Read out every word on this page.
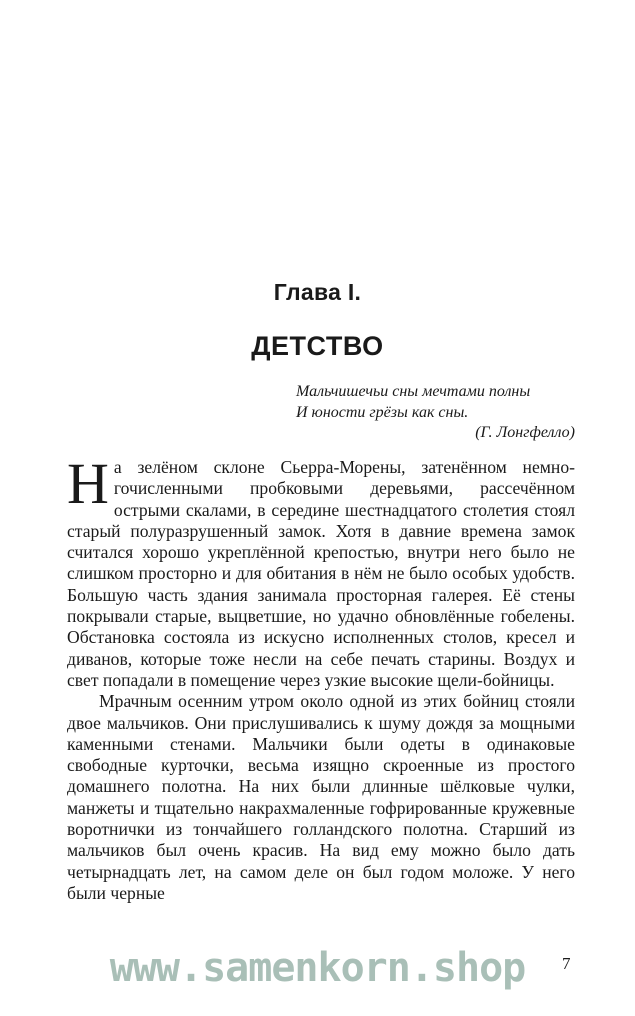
Глава I.
ДЕТСТВО
Мальчишечьи сны мечтами полны
И юности грёзы как сны.
(Г. Лонгфелло)

На зелёном склоне Сьерра-Морены, затенённом немногочисленными пробковыми деревьями, рассечённом острыми скалами, в середине шестнадцатого столетия стоял старый полуразрушенный замок. Хотя в давние времена замок считался хорошо укреплённой крепостью, внутри него было не слишком просторно и для обитания в нём не было особых удобств. Большую часть здания занимала просторная галерея. Её стены покрывали старые, выцветшие, но удачно обновлённые гобелены. Обстановка состояла из искусно исполненных столов, кресел и диванов, которые тоже несли на себе печать старины. Воздух и свет попадали в помещение через узкие высокие щели-бойницы.

Мрачным осенним утром около одной из этих бойниц стояли двое мальчиков. Они прислушивались к шуму дождя за мощными каменными стенами. Мальчики были одеты в одинаковые свободные курточки, весьма изящно скроенные из простого домашнего полотна. На них были длинные шёлковые чулки, манжеты и тщательно накрахмаленные гофрированные кружевные воротнички из тончайшего голландского полотна. Старший из мальчиков был очень красив. На вид ему можно было дать четырнадцать лет, на самом деле он был годом моложе. У него были черные

www.samenkorn.shop	7
